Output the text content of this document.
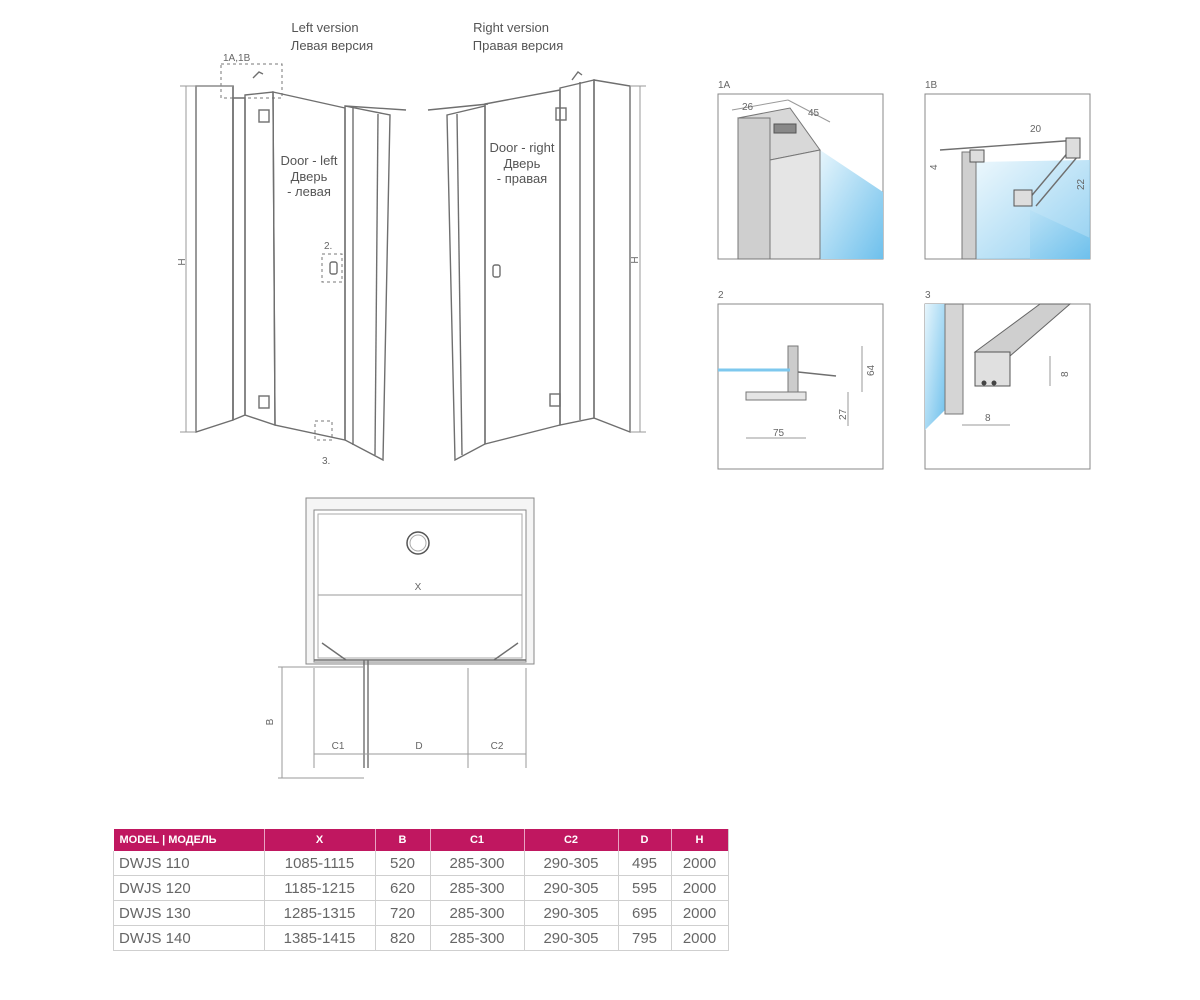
Left version
Левая версия
Right version
Правая версия
1A,1B
H
2.
3.
Door - left
Дверь
- левая
H
Door - right
Дверь
- правая
1A
26
45
1B
20
4
22
2
75
64
27
3
8
8
X
B
C1	D	C2
MODEL | МОДЕЛЬ	X	B	C1	C2	D	H
DWJS 110	1085-1115	520	285-300	290-305	495	2000
DWJS 120	1185-1215	620	285-300	290-305	595	2000
DWJS 130	1285-1315	720	285-300	290-305	695	2000
DWJS 140	1385-1415	820	285-300	290-305	795	2000
